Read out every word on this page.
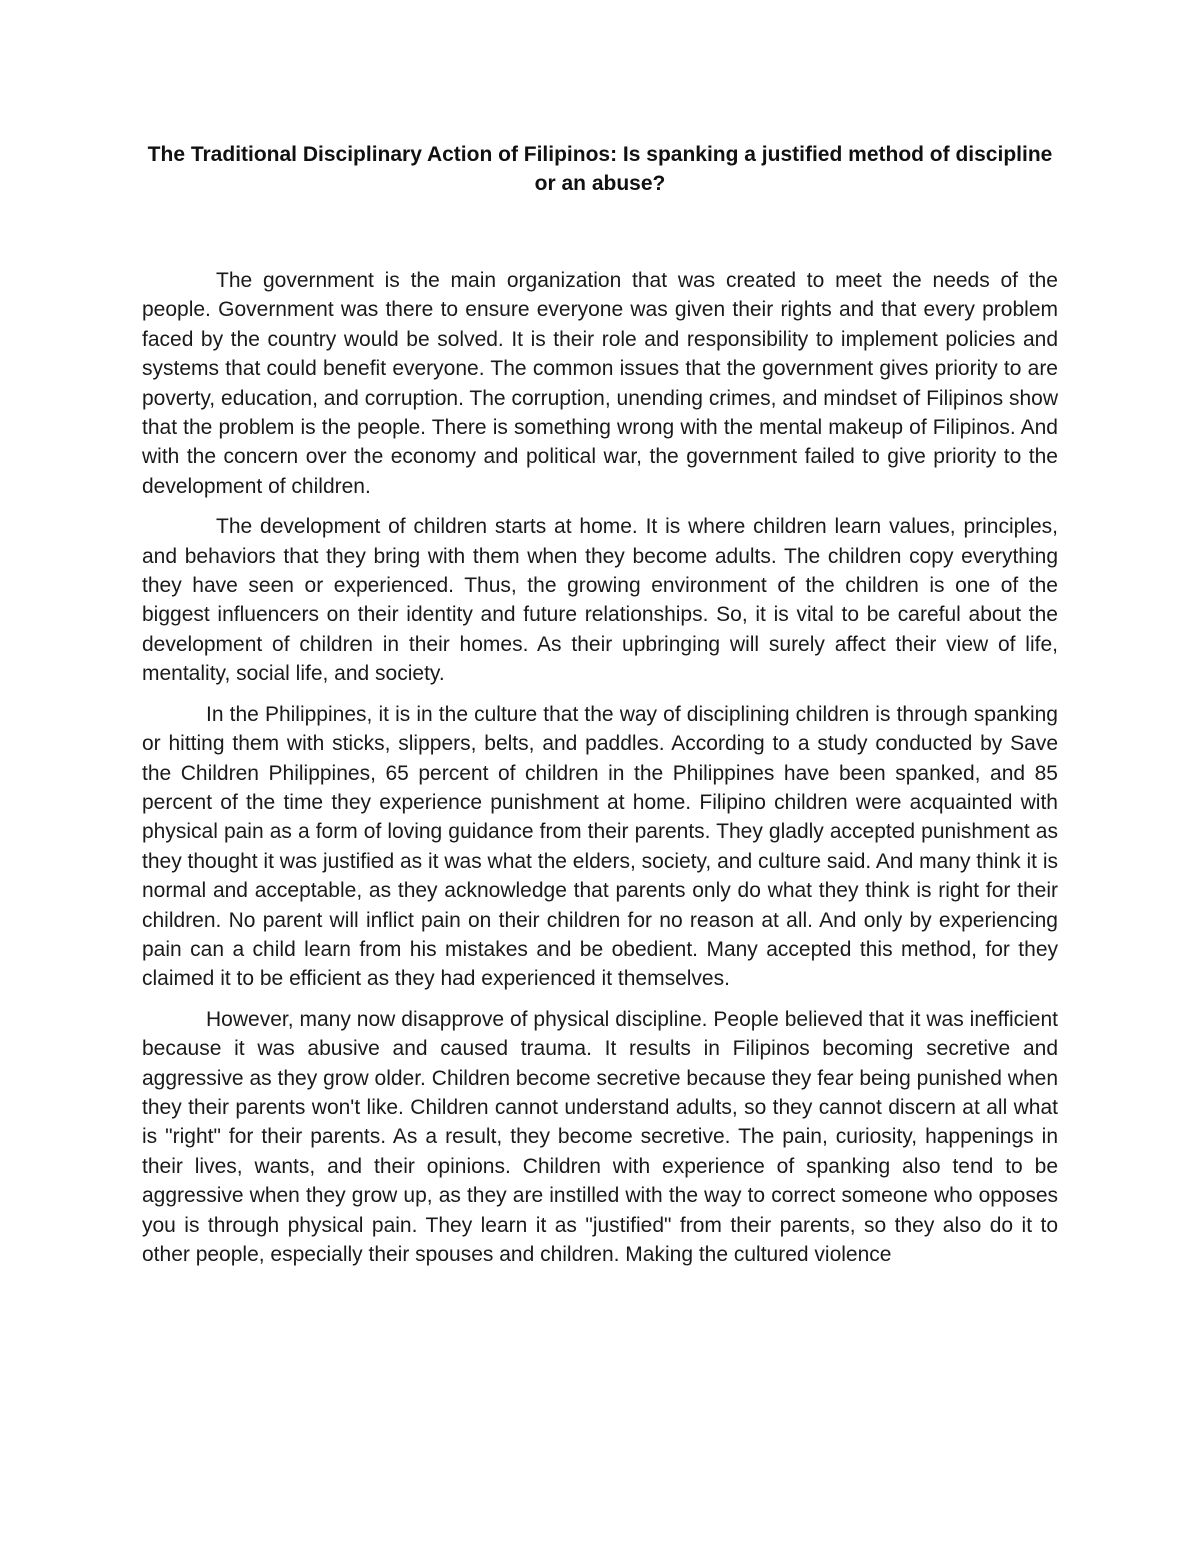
The Traditional Disciplinary Action of Filipinos: Is spanking a justified method of discipline or an abuse?

The government is the main organization that was created to meet the needs of the people. Government was there to ensure everyone was given their rights and that every problem faced by the country would be solved. It is their role and responsibility to implement policies and systems that could benefit everyone. The common issues that the government gives priority to are poverty, education, and corruption. The corruption, unending crimes, and mindset of Filipinos show that the problem is the people. There is something wrong with the mental makeup of Filipinos. And with the concern over the economy and political war, the government failed to give priority to the development of children.

The development of children starts at home. It is where children learn values, principles, and behaviors that they bring with them when they become adults. The children copy everything they have seen or experienced. Thus, the growing environment of the children is one of the biggest influencers on their identity and future relationships. So, it is vital to be careful about the development of children in their homes. As their upbringing will surely affect their view of life, mentality, social life, and society.

In the Philippines, it is in the culture that the way of disciplining children is through spanking or hitting them with sticks, slippers, belts, and paddles. According to a study conducted by Save the Children Philippines, 65 percent of children in the Philippines have been spanked, and 85 percent of the time they experience punishment at home. Filipino children were acquainted with physical pain as a form of loving guidance from their parents. They gladly accepted punishment as they thought it was justified as it was what the elders, society, and culture said. And many think it is normal and acceptable, as they acknowledge that parents only do what they think is right for their children. No parent will inflict pain on their children for no reason at all. And only by experiencing pain can a child learn from his mistakes and be obedient. Many accepted this method, for they claimed it to be efficient as they had experienced it themselves.

However, many now disapprove of physical discipline. People believed that it was inefficient because it was abusive and caused trauma. It results in Filipinos becoming secretive and aggressive as they grow older. Children become secretive because they fear being punished when they their parents won't like. Children cannot understand adults, so they cannot discern at all what is "right" for their parents. As a result, they become secretive. The pain, curiosity, happenings in their lives, wants, and their opinions. Children with experience of spanking also tend to be aggressive when they grow up, as they are instilled with the way to correct someone who opposes you is through physical pain. They learn it as "justified" from their parents, so they also do it to other people, especially their spouses and children. Making the cultured violence
